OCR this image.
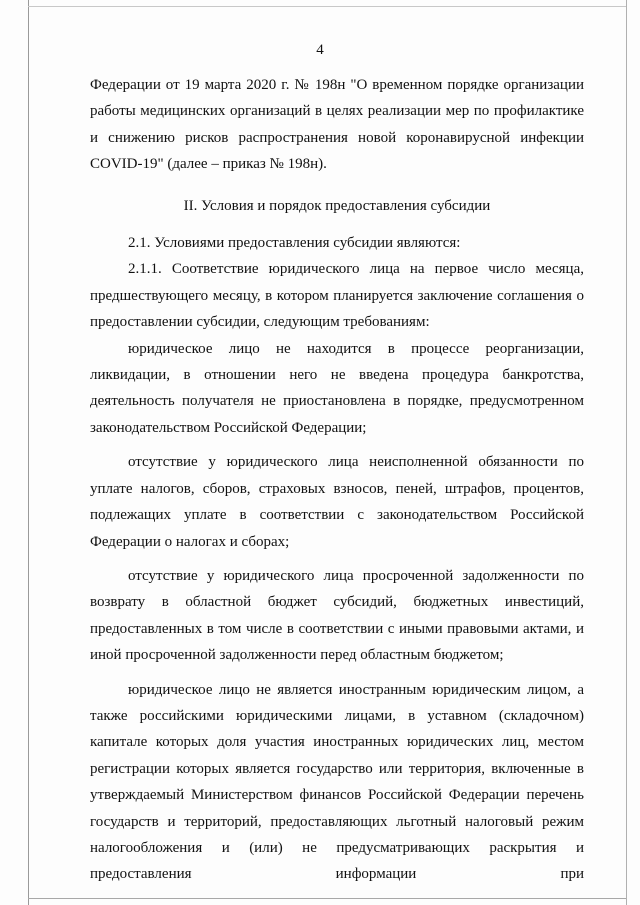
4

Федерации от 19 марта 2020 г. № 198н "О временном порядке организации работы медицинских организаций в целях реализации мер по профилактике и снижению рисков распространения новой коронавирусной инфекции COVID-19" (далее – приказ № 198н).

II. Условия и порядок предоставления субсидии

2.1. Условиями предоставления субсидии являются:

2.1.1. Соответствие юридического лица на первое число месяца, предшествующего месяцу, в котором планируется заключение соглашения о предоставлении субсидии, следующим требованиям:

юридическое лицо не находится в процессе реорганизации, ликвидации, в отношении него не введена процедура банкротства, деятельность получателя не приостановлена в порядке, предусмотренном законодательством Российской Федерации;

отсутствие у юридического лица неисполненной обязанности по уплате налогов, сборов, страховых взносов, пеней, штрафов, процентов, подлежащих уплате в соответствии с законодательством Российской Федерации о налогах и сборах;

отсутствие у юридического лица просроченной задолженности по возврату в областной бюджет субсидий, бюджетных инвестиций, предоставленных в том числе в соответствии с иными правовыми актами, и иной просроченной задолженности перед областным бюджетом;

юридическое лицо не является иностранным юридическим лицом, а также российскими юридическими лицами, в уставном (складочном) капитале которых доля участия иностранных юридических лиц, местом регистрации которых является государство или территория, включенные в утверждаемый Министерством финансов Российской Федерации перечень государств и территорий, предоставляющих льготный налоговый режим налогообложения и (или) не предусматривающих раскрытия и предоставления информации при
